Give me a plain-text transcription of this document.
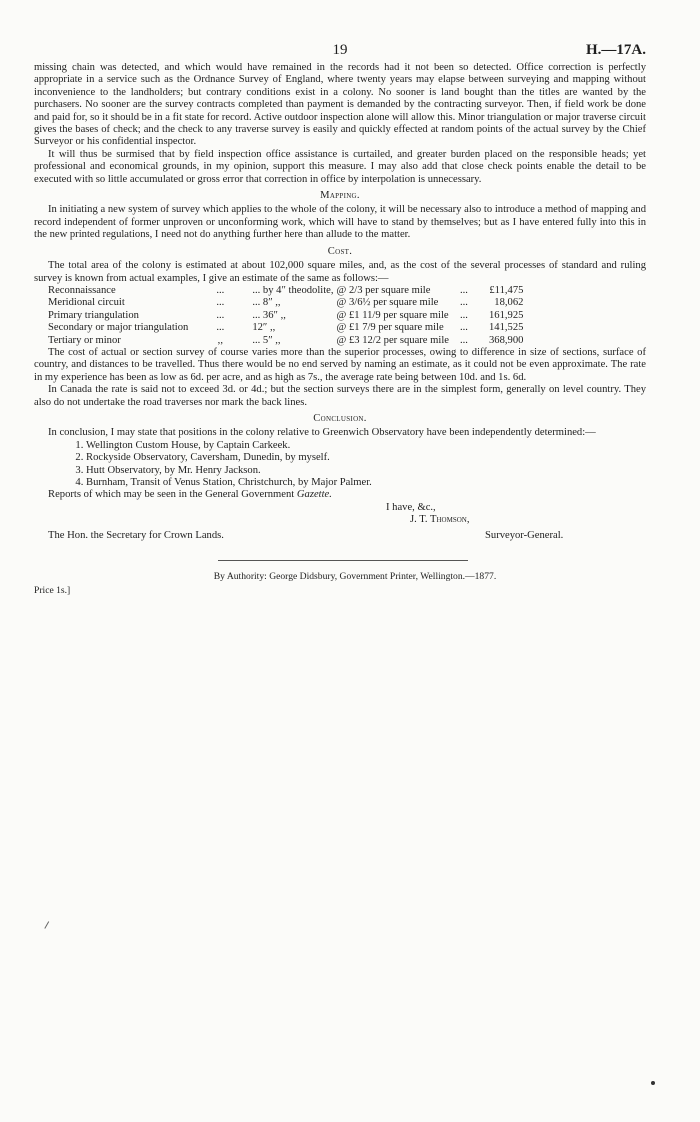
19	H.—17A.

missing chain was detected, and which would have remained in the records had it not been so detected. Office correction is perfectly appropriate in a service such as the Ordnance Survey of England, where twenty years may elapse between surveying and mapping without inconvenience to the landholders; but contrary conditions exist in a colony. No sooner is land bought than the titles are wanted by the purchasers. No sooner are the survey contracts completed than payment is demanded by the contracting surveyor. Then, if field work be done and paid for, so it should be in a fit state for record. Active outdoor inspection alone will allow this. Minor triangulation or major traverse circuit gives the bases of check; and the check to any traverse survey is easily and quickly effected at random points of the actual survey by the Chief Surveyor or his confidential inspector.

It will thus be surmised that by field inspection office assistance is curtailed, and greater burden placed on the responsible heads; yet professional and economical grounds, in my opinion, support this measure. I may also add that close check points enable the detail to be executed with so little accumulated or gross error that correction in office by interpolation is unnecessary.

Mapping.

In initiating a new system of survey which applies to the whole of the colony, it will be necessary also to introduce a method of mapping and record independent of former unproven or unconforming work, which will have to stand by themselves; but as I have entered fully into this in the new printed regulations, I need not do anything further here than allude to the matter.

Cost.

The total area of the colony is estimated at about 102,000 square miles, and, as the cost of the several processes of standard and ruling survey is known from actual examples, I give an estimate of the same as follows:—

Reconnaissance	...	... by 4″ theodolite,	@ 2/3 per square mile	...	£11,475
Meridional circuit	...	... 8″ ,,	@ 3/6½ per square mile	...	18,062
Primary triangulation	...	... 36″ ,,	@ £1 11/9 per square mile	...	161,925
Secondary or major triangulation	...	12″ ,,	@ £1 7/9 per square mile	...	141,525
Tertiary or minor	,,	... 5″ ,,	@ £3 12/2 per square mile	...	368,900

The cost of actual or section survey of course varies more than the superior processes, owing to difference in size of sections, surface of country, and distances to be travelled. Thus there would be no end served by naming an estimate, as it could not be even approximate. The rate in my experience has been as low as 6d. per acre, and as high as 7s., the average rate being between 10d. and 1s. 6d.

In Canada the rate is said not to exceed 3d. or 4d.; but the section surveys there are in the simplest form, generally on level country. They also do not undertake the road traverses nor mark the back lines.

Conclusion.

In conclusion, I may state that positions in the colony relative to Greenwich Observatory have been independently determined:—

1. Wellington Custom House, by Captain Carkeek.
2. Rockyside Observatory, Caversham, Dunedin, by myself.
3. Hutt Observatory, by Mr. Henry Jackson.
4. Burnham, Transit of Venus Station, Christchurch, by Major Palmer.

Reports of which may be seen in the General Government Gazette.

I have, &c.,
J. T. Thomson,
The Hon. the Secretary for Crown Lands.	Surveyor-General.
By Authority: George Didsbury, Government Printer, Wellington.—1877.
Price 1s.]
